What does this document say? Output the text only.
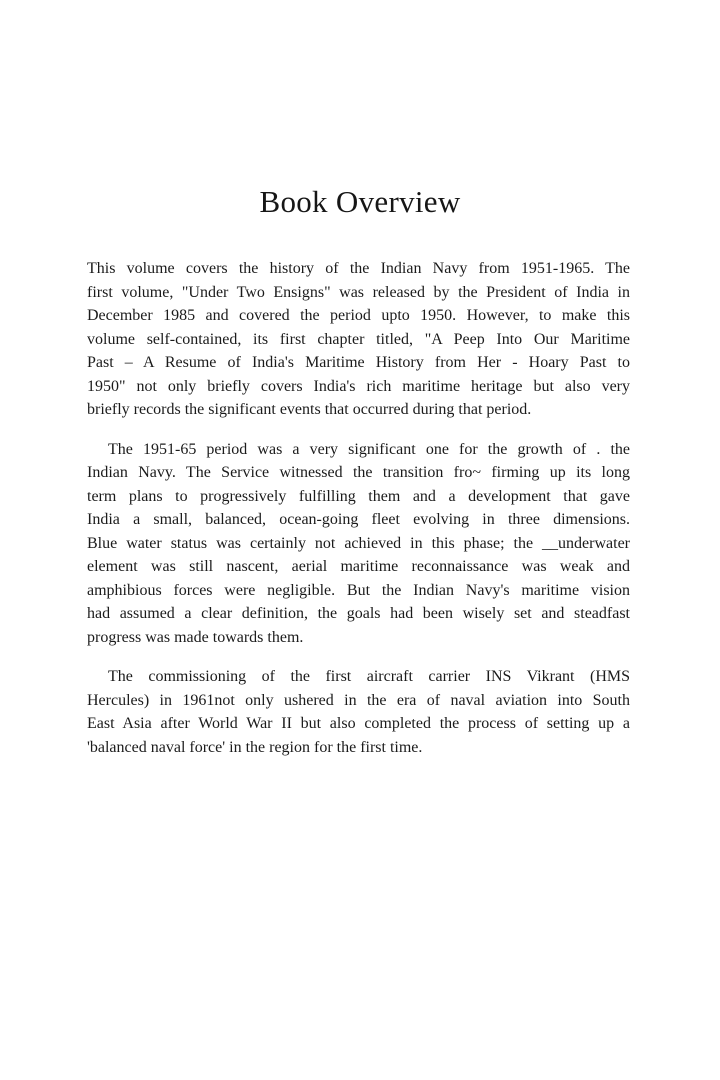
Book Overview
This volume covers the history of the Indian Navy from 1951-1965. The
first volume, "Under Two Ensigns" was released by the President of India in
December 1985 and covered the period upto 1950. However, to make this
volume self-contained, its first chapter titled, "A Peep Into Our Maritime
Past – A Resume of India's Maritime History from Her - Hoary Past to
1950" not only briefly covers India's rich maritime heritage but also very
briefly records the significant events that occurred during that period.
The 1951-65 period was a very significant one for the growth of . the
Indian Navy. The Service witnessed the transition fro~ firming up its long
term plans to progressively fulfilling them and a development that gave
India a small, balanced, ocean-going fleet evolving in three dimensions.
Blue water status was certainly not achieved in this phase; the __underwater
element was still nascent, aerial maritime reconnaissance was weak and
amphibious forces were negligible. But the Indian Navy's maritime vision
had assumed a clear definition, the goals had been wisely set and steadfast
progress was made towards them.
The commissioning of the first aircraft carrier INS Vikrant (HMS
Hercules) in 1961not only ushered in the era of naval aviation into South
East Asia after World War II but also completed the process of setting up a
'balanced naval force' in the region for the first time.
